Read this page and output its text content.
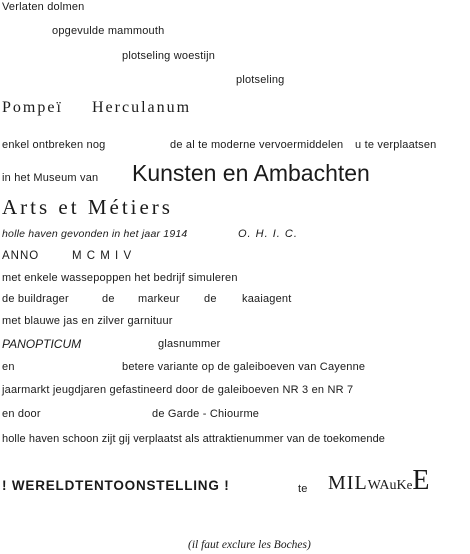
Verlaten dolmen
opgevulde mammouth
plotseling woestijn
plotseling
Pompeï Herculanum
enkel ontbreken nog	de al te moderne vervoermiddelen u te verplaatsen
in het Museum van Kunsten en Ambachten
Arts et Métiers
holle haven gevonden in het jaar 1914	O. H. I. C.
ANNO	M C M I V
met enkele wassepoppen het bedrijf simuleren
de buildrager	de markeur de kaaiagent
met blauwe jas en zilver garnituur
PANOPTICUM	glasnummer
en	betere variante op de galeiboeven van Cayenne
jaarmarkt jeugdjaren gefastineerd door de galeiboeven NR 3 en NR 7
en door	de Garde - Chiourme
holle haven schoon zijt gij verplaatst als attraktienummer van de toekomende
! WERELDTENTOONSTELLING !	te MILWAuKeE
(il faut exclure les Boches)
